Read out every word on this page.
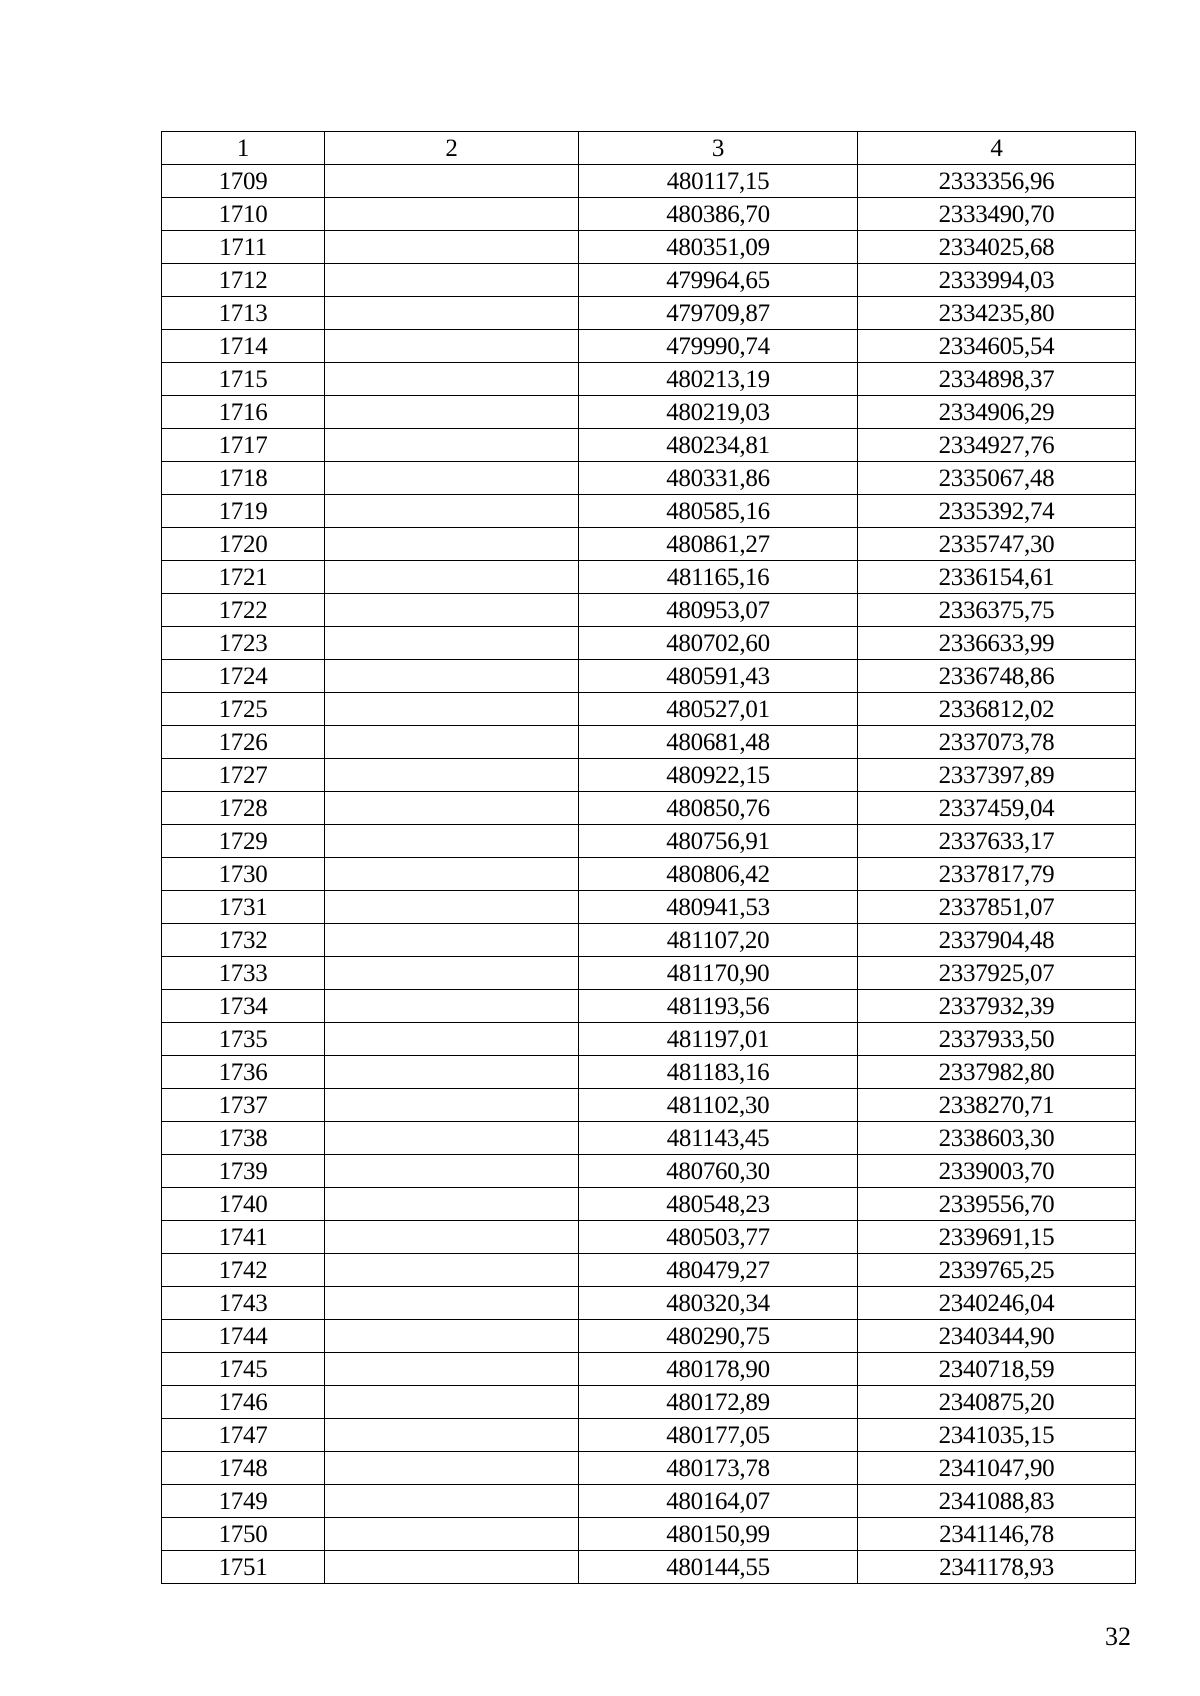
1	2	3	4
1709		480117,15	2333356,96
1710		480386,70	2333490,70
1711		480351,09	2334025,68
1712		479964,65	2333994,03
1713		479709,87	2334235,80
1714		479990,74	2334605,54
1715		480213,19	2334898,37
1716		480219,03	2334906,29
1717		480234,81	2334927,76
1718		480331,86	2335067,48
1719		480585,16	2335392,74
1720		480861,27	2335747,30
1721		481165,16	2336154,61
1722		480953,07	2336375,75
1723		480702,60	2336633,99
1724		480591,43	2336748,86
1725		480527,01	2336812,02
1726		480681,48	2337073,78
1727		480922,15	2337397,89
1728		480850,76	2337459,04
1729		480756,91	2337633,17
1730		480806,42	2337817,79
1731		480941,53	2337851,07
1732		481107,20	2337904,48
1733		481170,90	2337925,07
1734		481193,56	2337932,39
1735		481197,01	2337933,50
1736		481183,16	2337982,80
1737		481102,30	2338270,71
1738		481143,45	2338603,30
1739		480760,30	2339003,70
1740		480548,23	2339556,70
1741		480503,77	2339691,15
1742		480479,27	2339765,25
1743		480320,34	2340246,04
1744		480290,75	2340344,90
1745		480178,90	2340718,59
1746		480172,89	2340875,20
1747		480177,05	2341035,15
1748		480173,78	2341047,90
1749		480164,07	2341088,83
1750		480150,99	2341146,78
1751		480144,55	2341178,93
32
